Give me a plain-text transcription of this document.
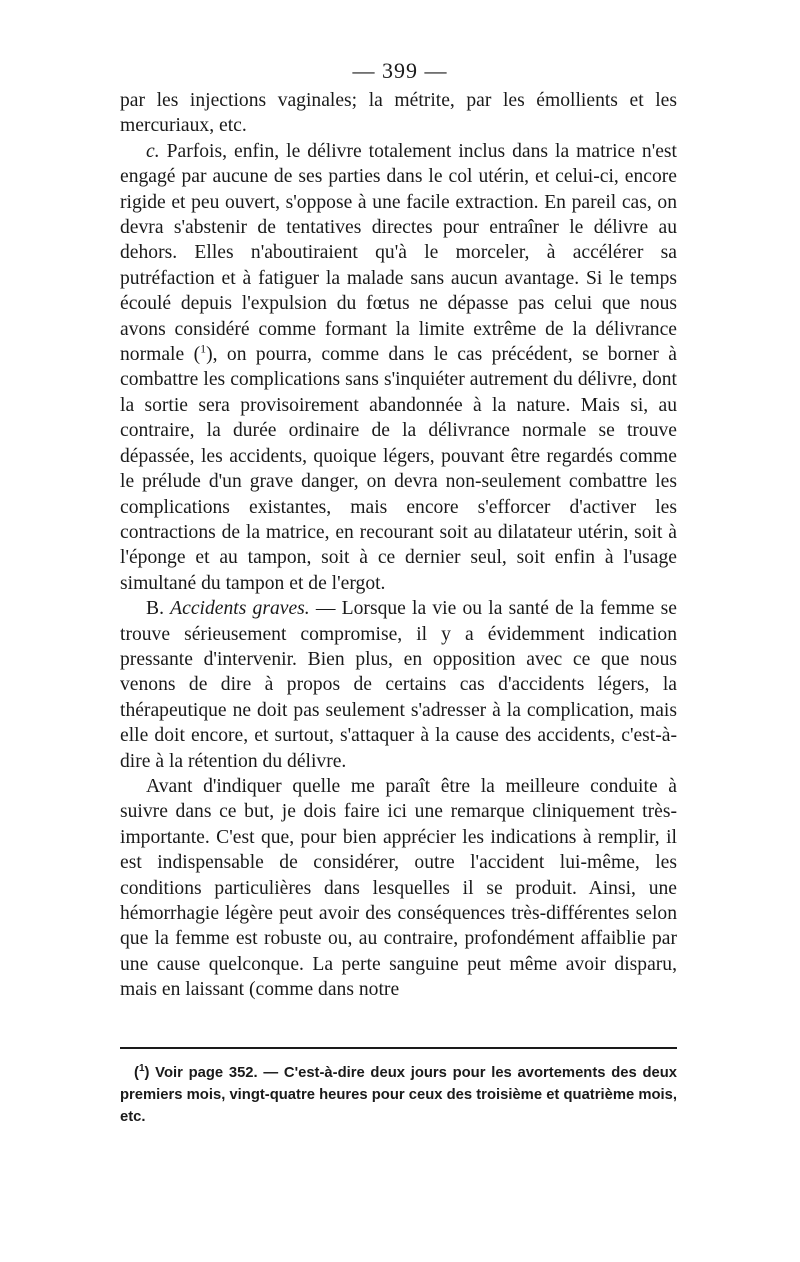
— 399 —

par les injections vaginales; la métrite, par les émollients et les mercuriaux, etc.

c. Parfois, enfin, le délivre totalement inclus dans la matrice n'est engagé par aucune de ses parties dans le col utérin, et celui-ci, encore rigide et peu ouvert, s'oppose à une facile extraction. En pareil cas, on devra s'abstenir de tentatives directes pour entraîner le délivre au dehors. Elles n'aboutiraient qu'à le morceler, à accélérer sa putréfaction et à fatiguer la malade sans aucun avantage. Si le temps écoulé depuis l'expulsion du fœtus ne dépasse pas celui que nous avons considéré comme formant la limite extrême de la délivrance normale ($^1$), on pourra, comme dans le cas précédent, se borner à combattre les complications sans s'inquiéter autrement du délivre, dont la sortie sera provisoirement abandonnée à la nature. Mais si, au contraire, la durée ordinaire de la délivrance normale se trouve dépassée, les accidents, quoique légers, pouvant être regardés comme le prélude d'un grave danger, on devra non-seulement combattre les complications existantes, mais encore s'efforcer d'activer les contractions de la matrice, en recourant soit au dilatateur utérin, soit à l'éponge et au tampon, soit à ce dernier seul, soit enfin à l'usage simultané du tampon et de l'ergot.

B. Accidents graves. — Lorsque la vie ou la santé de la femme se trouve sérieusement compromise, il y a évidemment indication pressante d'intervenir. Bien plus, en opposition avec ce que nous venons de dire à propos de certains cas d'accidents légers, la thérapeutique ne doit pas seulement s'adresser à la complication, mais elle doit encore, et surtout, s'attaquer à la cause des accidents, c'est-à-dire à la rétention du délivre.

Avant d'indiquer quelle me paraît être la meilleure conduite à suivre dans ce but, je dois faire ici une remarque cliniquement très-importante. C'est que, pour bien apprécier les indications à remplir, il est indispensable de considérer, outre l'accident lui-même, les conditions particulières dans lesquelles il se produit. Ainsi, une hémorrhagie légère peut avoir des conséquences très-différentes selon que la femme est robuste ou, au contraire, profondément affaiblie par une cause quelconque. La perte sanguine peut même avoir disparu, mais en laissant (comme dans notre

($^1$) Voir page 352. — C'est-à-dire deux jours pour les avortements des deux premiers mois, vingt-quatre heures pour ceux des troisième et quatrième mois, etc.
